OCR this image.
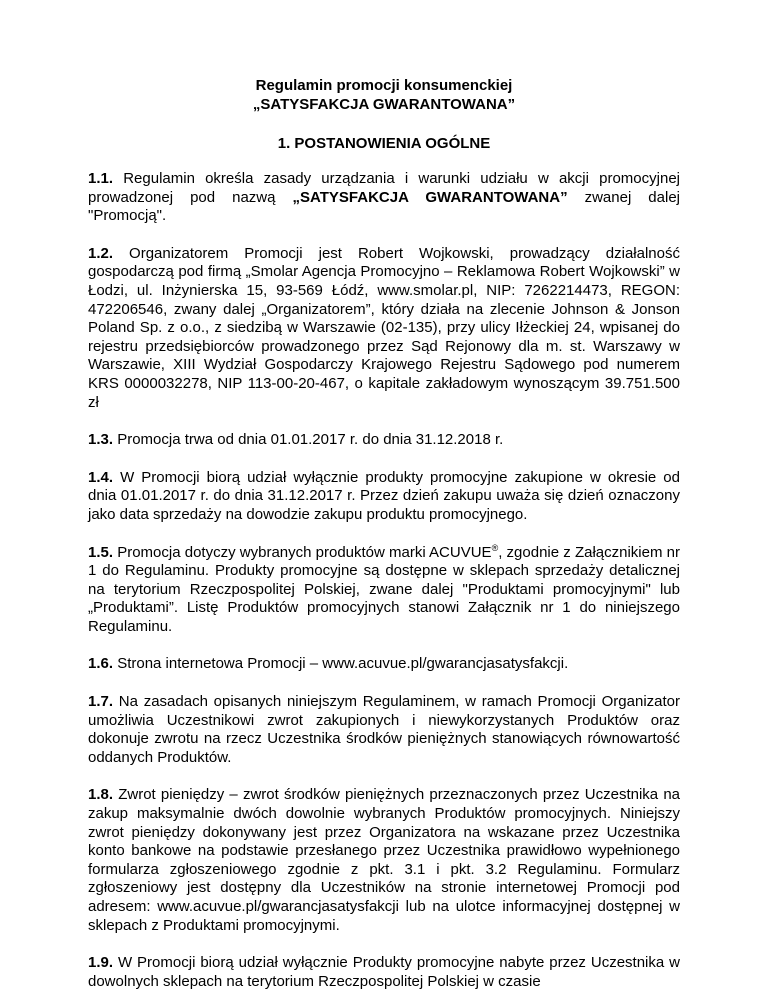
Regulamin promocji konsumenckiej

„SATYSFAKCJA GWARANTOWANA”

1. POSTANOWIENIA OGÓLNE

1.1. Regulamin określa zasady urządzania i warunki udziału w akcji promocyjnej prowadzonej pod nazwą „SATYSFAKCJA GWARANTOWANA” zwanej dalej "Promocją".

1.2. Organizatorem Promocji jest Robert Wojkowski, prowadzący działalność gospodarczą pod firmą „Smolar Agencja Promocyjno – Reklamowa Robert Wojkowski” w Łodzi, ul. Inżynierska 15, 93-569 Łódź, www.smolar.pl, NIP: 7262214473, REGON: 472206546, zwany dalej „Organizatorem”, który działa na zlecenie Johnson & Jonson Poland Sp. z o.o., z siedzibą w Warszawie (02-135), przy ulicy Iłżeckiej 24, wpisanej do rejestru przedsiębiorców prowadzonego przez Sąd Rejonowy dla m. st. Warszawy w Warszawie, XIII Wydział Gospodarczy Krajowego Rejestru Sądowego pod numerem KRS 0000032278, NIP 113-00-20-467, o kapitale zakładowym wynoszącym 39.751.500 zł

1.3. Promocja trwa od dnia 01.01.2017 r. do dnia 31.12.2018 r.

1.4. W Promocji biorą udział wyłącznie produkty promocyjne zakupione w okresie od dnia 01.01.2017 r. do dnia 31.12.2017 r. Przez dzień zakupu uważa się dzień oznaczony jako data sprzedaży na dowodzie zakupu produktu promocyjnego.

1.5. Promocja dotyczy wybranych produktów marki ACUVUE®, zgodnie z Załącznikiem nr 1 do Regulaminu. Produkty promocyjne są dostępne w sklepach sprzedaży detalicznej na terytorium Rzeczpospolitej Polskiej, zwane dalej "Produktami promocyjnymi" lub „Produktami”. Listę Produktów promocyjnych stanowi Załącznik nr 1 do niniejszego Regulaminu.

1.6. Strona internetowa Promocji – www.acuvue.pl/gwarancjasatysfakcji.

1.7. Na zasadach opisanych niniejszym Regulaminem, w ramach Promocji Organizator umożliwia Uczestnikowi zwrot zakupionych i niewykorzystanych Produktów oraz dokonuje zwrotu na rzecz Uczestnika środków pieniężnych stanowiących równowartość oddanych Produktów.

1.8. Zwrot pieniędzy – zwrot środków pieniężnych przeznaczonych przez Uczestnika na zakup maksymalnie dwóch dowolnie wybranych Produktów promocyjnych. Niniejszy zwrot pieniędzy dokonywany jest przez Organizatora na wskazane przez Uczestnika konto bankowe na podstawie przesłanego przez Uczestnika prawidłowo wypełnionego formularza zgłoszeniowego zgodnie z pkt. 3.1 i pkt. 3.2 Regulaminu. Formularz zgłoszeniowy jest dostępny dla Uczestników na stronie internetowej Promocji pod adresem: www.acuvue.pl/gwarancjasatysfakcji lub na ulotce informacyjnej dostępnej w sklepach z Produktami promocyjnymi.

1.9. W Promocji biorą udział wyłącznie Produkty promocyjne nabyte przez Uczestnika w dowolnych sklepach na terytorium Rzeczpospolitej Polskiej w czasie
